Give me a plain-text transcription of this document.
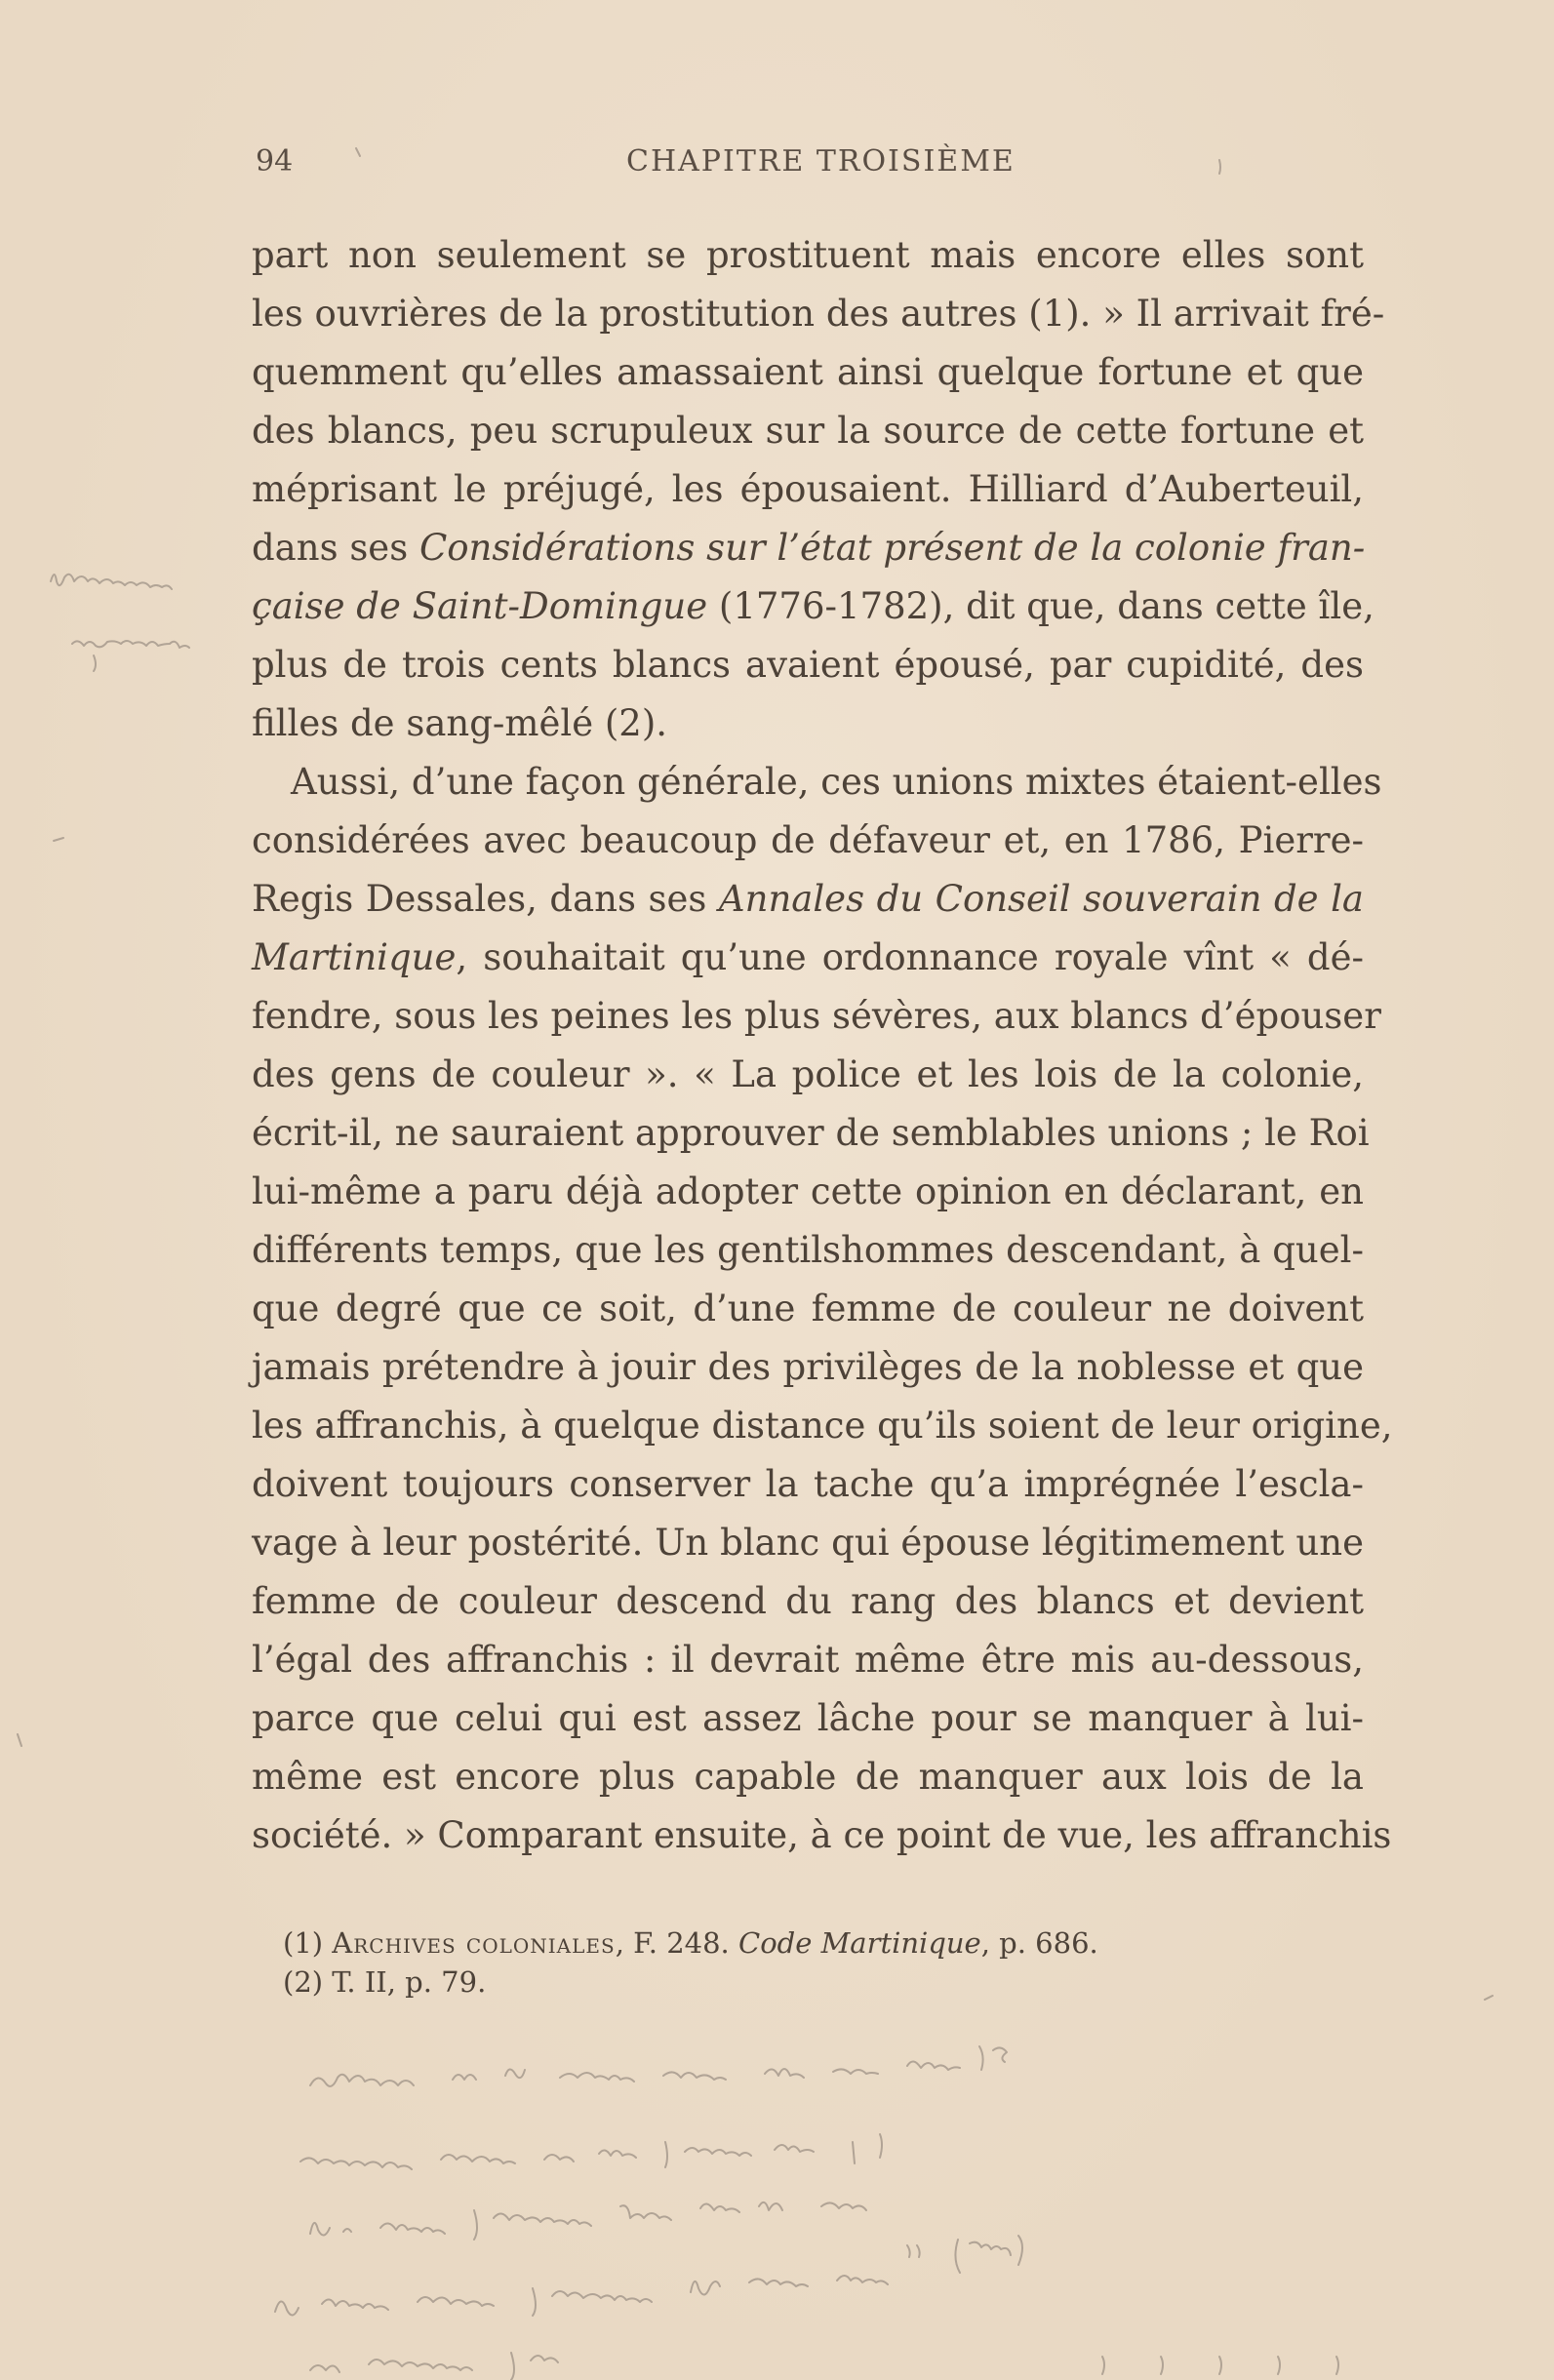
94	CHAPITRE TROISIÈME
part non seulement se prostituent mais encore elles sont
les ouvrières de la prostitution des autres (1). » Il arrivait fré-
quemment qu’elles amassaient ainsi quelque fortune et que
des blancs, peu scrupuleux sur la source de cette fortune et
méprisant le préjugé, les épousaient. Hilliard d’Auberteuil,
dans ses Considérations sur l’état présent de la colonie fran-
çaise de Saint-Domingue (1776-1782), dit que, dans cette île,
plus de trois cents blancs avaient épousé, par cupidité, des
filles de sang-mêlé (2).
Aussi, d’une façon générale, ces unions mixtes étaient-elles
considérées avec beaucoup de défaveur et, en 1786, Pierre-
Regis Dessales, dans ses Annales du Conseil souverain de la
Martinique, souhaitait qu’une ordonnance royale vînt « dé-
fendre, sous les peines les plus sévères, aux blancs d’épouser
des gens de couleur ». « La police et les lois de la colonie,
écrit-il, ne sauraient approuver de semblables unions ; le Roi
lui-même a paru déjà adopter cette opinion en déclarant, en
différents temps, que les gentilshommes descendant, à quel-
que degré que ce soit, d’une femme de couleur ne doivent
jamais prétendre à jouir des privilèges de la noblesse et que
les affranchis, à quelque distance qu’ils soient de leur origine,
doivent toujours conserver la tache qu’a imprégnée l’escla-
vage à leur postérité. Un blanc qui épouse légitimement une
femme de couleur descend du rang des blancs et devient
l’égal des affranchis : il devrait même être mis au-dessous,
parce que celui qui est assez lâche pour se manquer à lui-
même est encore plus capable de manquer aux lois de la
société. » Comparant ensuite, à ce point de vue, les affranchis
(1) Archives coloniales, F. 248. Code Martinique, p. 686.
(2) T. II, p. 79.
